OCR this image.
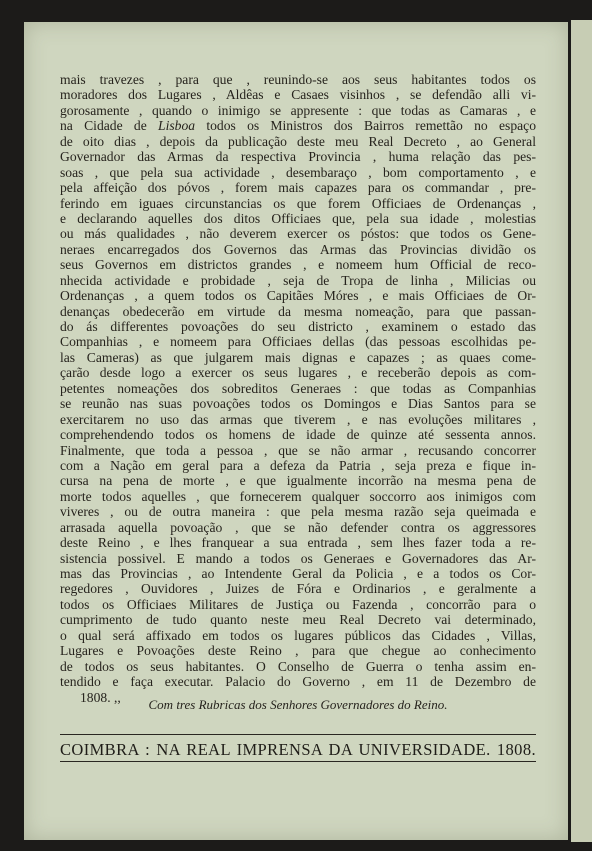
mais travezes , para que , reunindo-se aos seus habitantes todos os
moradores dos Lugares , Aldêas e Casaes visinhos , se defendão alli vi-
gorosamente , quando o inimigo se appresente : que todas as Camaras , e
na Cidade de Lisboa todos os Ministros dos Bairros remettão no espaço
de oito dias , depois da publicação deste meu Real Decreto , ao General
Governador das Armas da respectiva Provincia , huma relação das pes-
soas , que pela sua actividade , desembaraço , bom comportamento , e
pela affeição dos póvos , forem mais capazes para os commandar , pre-
ferindo em iguaes circunstancias os que forem Officiaes de Ordenanças ,
e declarando aquelles dos ditos Officiaes que, pela sua idade , molestias
ou más qualidades , não deverem exercer os póstos: que todos os Gene-
neraes encarregados dos Governos das Armas das Provincias dividão os
seus Governos em districtos grandes , e nomeem hum Official de reco-
nhecida actividade e probidade , seja de Tropa de linha , Milicias ou
Ordenanças , a quem todos os Capitães Móres , e mais Officiaes de Or-
denanças obedecerão em virtude da mesma nomeação, para que passan-
do ás differentes povoações do seu districto , examinem o estado das
Companhias , e nomeem para Officiaes dellas (das pessoas escolhidas pe-
las Cameras) as que julgarem mais dignas e capazes ; as quaes come-
çarão desde logo a exercer os seus lugares , e receberão depois as com-
petentes nomeações dos sobreditos Generaes : que todas as Companhias
se reunão nas suas povoações todos os Domingos e Dias Santos para se
exercitarem no uso das armas que tiverem , e nas evoluções militares ,
comprehendendo todos os homens de idade de quinze até sessenta annos.
Finalmente, que toda a pessoa , que se não armar , recusando concorrer
com a Nação em geral para a defeza da Patria , seja preza e fique in-
cursa na pena de morte , e que igualmente incorrão na mesma pena de
morte todos aquelles , que fornecerem qualquer soccorro aos inimigos com
viveres , ou de outra maneira : que pela mesma razão seja queimada e
arrasada aquella povoação , que se não defender contra os aggressores
deste Reino , e lhes franquear a sua entrada , sem lhes fazer toda a re-
sistencia possivel. E mando a todos os Generaes e Governadores das Ar-
mas das Provincias , ao Intendente Geral da Policia , e a todos os Cor-
regedores , Ouvidores , Juizes de Fóra e Ordinarios , e geralmente a
todos os Officiaes Militares de Justiça ou Fazenda , concorrão para o
cumprimento de tudo quanto neste meu Real Decreto vai determinado,
o qual será affixado em todos os lugares públicos das Cidades , Villas,
Lugares e Povoações deste Reino , para que chegue ao conhecimento
de todos os seus habitantes. O Conselho de Guerra o tenha assim en-
tendido e faça executar. Palacio do Governo , em 11 de Dezembro de
1808. ,,	Com tres Rubricas dos Senhores Governadores do Reino.
COIMBRA : NA REAL IMPRENSA DA UNIVERSIDADE. 1808.
